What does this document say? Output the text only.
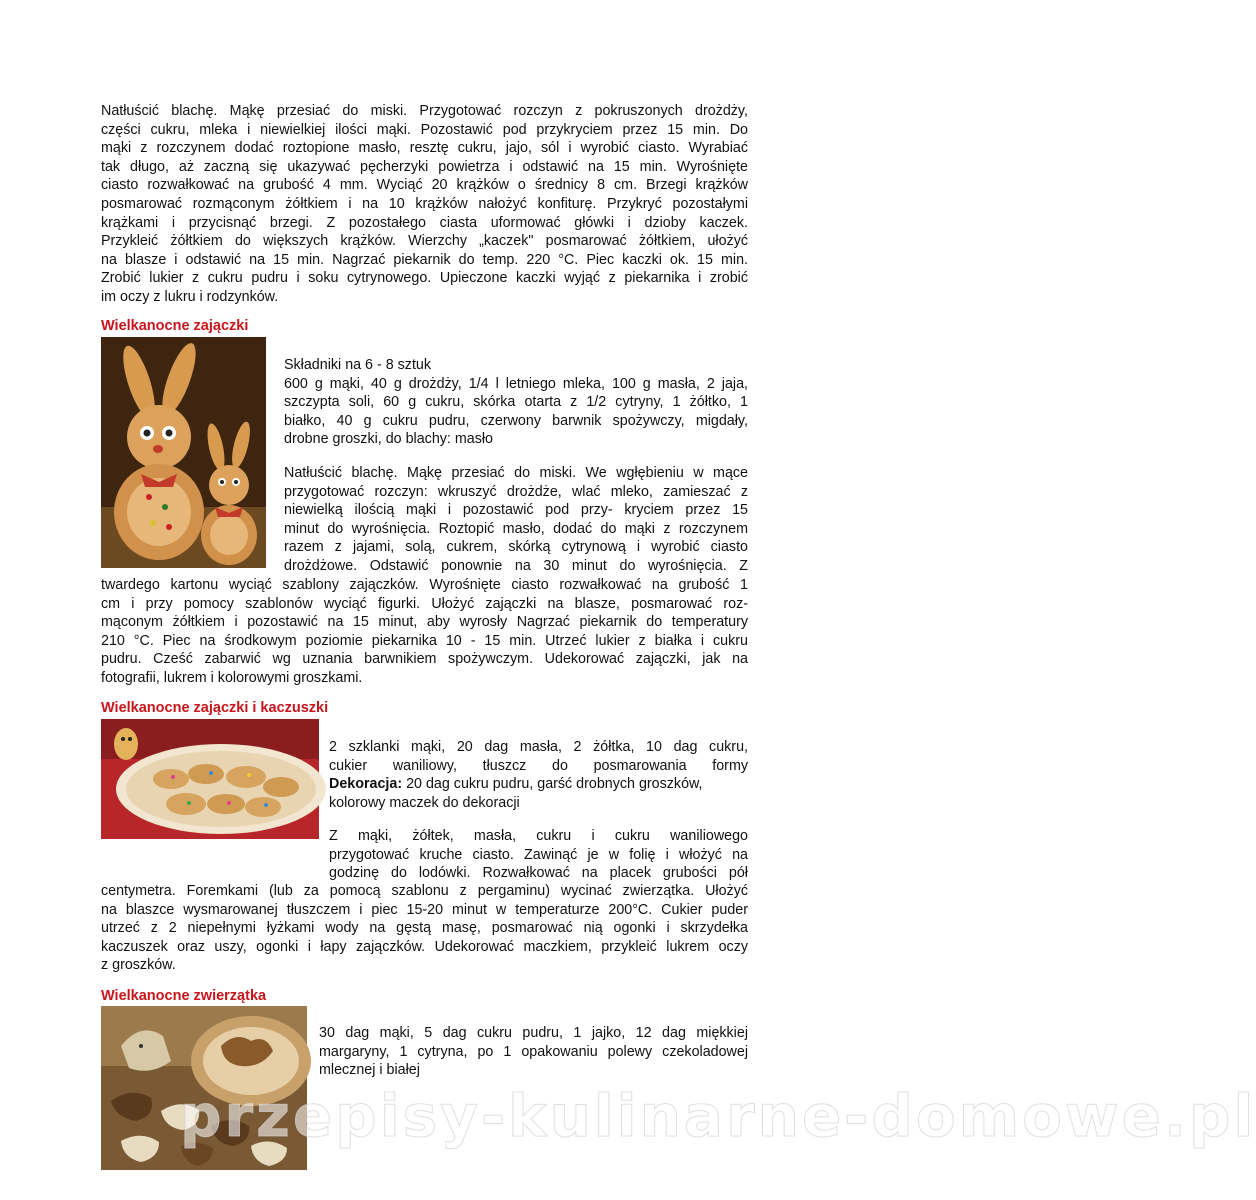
Natłuścić blachę. Mąkę przesiać do miski. Przygotować rozczyn z pokruszonych drożdży,
części cukru, mleka i niewielkiej ilości mąki. Pozostawić pod przykryciem przez 15 min. Do
mąki z rozczynem dodać roztopione masło, resztę cukru, jajo, sól i wyrobić ciasto. Wyrabiać
tak długo, aż zaczną się ukazywać pęcherzyki powietrza i odstawić na 15 min. Wyrośnięte
ciasto rozwałkować na grubość 4 mm. Wyciąć 20 krążków o średnicy 8 cm. Brzegi krążków
posmarować rozmąconym żółtkiem i na 10 krążków nałożyć konfiturę. Przykryć pozostałymi
krążkami i przycisnąć brzegi. Z pozostałego ciasta uformować główki i dzioby kaczek.
Przykleić żółtkiem do większych krążków. Wierzchy „kaczek" posmarować żółtkiem, ułożyć
na blasze i odstawić na 15 min. Nagrzać piekarnik do temp. 220 °C. Piec kaczki ok. 15 min.
Zrobić lukier z cukru pudru i soku cytrynowego. Upieczone kaczki wyjąć z piekarnika i zrobić
im oczy z lukru i rodzynków.
Wielkanocne zajączki
Składniki na 6 - 8 sztuk
600 g mąki, 40 g drożdży, 1/4 l letniego mleka, 100 g masła, 2 jaja,
szczypta soli, 60 g cukru, skórka otarta z 1/2 cytryny, 1 żółtko, 1
białko, 40 g cukru pudru, czerwony barwnik spożywczy, migdały,
drobne groszki, do blachy: masło
Natłuścić blachę. Mąkę przesiać do miski. We wgłębieniu w mące
przygotować rozczyn: wkruszyć drożdże, wlać mleko, zamieszać z
niewielką ilością mąki i pozostawić pod przy- kryciem przez 15
minut do wyrośnięcia. Roztopić masło, dodać do mąki z rozczynem
razem z jajami, solą, cukrem, skórką cytrynową i wyrobić ciasto
drożdżowe. Odstawić ponownie na 30 minut do wyrośnięcia. Z
twardego kartonu wyciąć szablony zajączków. Wyrośnięte ciasto rozwałkować na grubość 1
cm i przy pomocy szablonów wyciąć figurki. Ułożyć zajączki na blasze, posmarować roz-
mąconym żółtkiem i pozostawić na 15 minut, aby wyrosły Nagrzać piekarnik do temperatury
210 °C. Piec na środkowym poziomie piekarnika 10 - 15 min. Utrzeć lukier z białka i cukru
pudru. Cześć zabarwić wg uznania barwnikiem spożywczym. Udekorować zajączki, jak na
fotografii, lukrem i kolorowymi groszkami.
Wielkanocne zajączki i kaczuszki
2 szklanki mąki, 20 dag masła, 2 żółtka, 10 dag cukru,
cukier waniliowy, tłuszcz do posmarowania formy
Dekoracja: 20 dag cukru pudru, garść drobnych groszków,
kolorowy maczek do dekoracji
Z mąki, żółtek, masła, cukru i cukru waniliowego
przygotować kruche ciasto. Zawinąć je w folię i włożyć na
godzinę do lodówki. Rozwałkować na placek grubości pół
centymetra. Foremkami (lub za pomocą szablonu z pergaminu) wycinać zwierzątka. Ułożyć
na blaszce wysmarowanej tłuszczem i piec 15-20 minut w temperaturze 200°C. Cukier puder
utrzeć z 2 niepełnymi łyżkami wody na gęstą masę, posmarować nią ogonki i skrzydełka
kaczuszek oraz uszy, ogonki i łapy zajączków. Udekorować maczkiem, przykleić lukrem oczy
z groszków.
Wielkanocne zwierzątka
30 dag mąki, 5 dag cukru pudru, 1 jajko, 12 dag miękkiej
margaryny, 1 cytryna, po 1 opakowaniu polewy czekoladowej
mlecznej i białej
przepisy-kulinarne-domowe.pl
